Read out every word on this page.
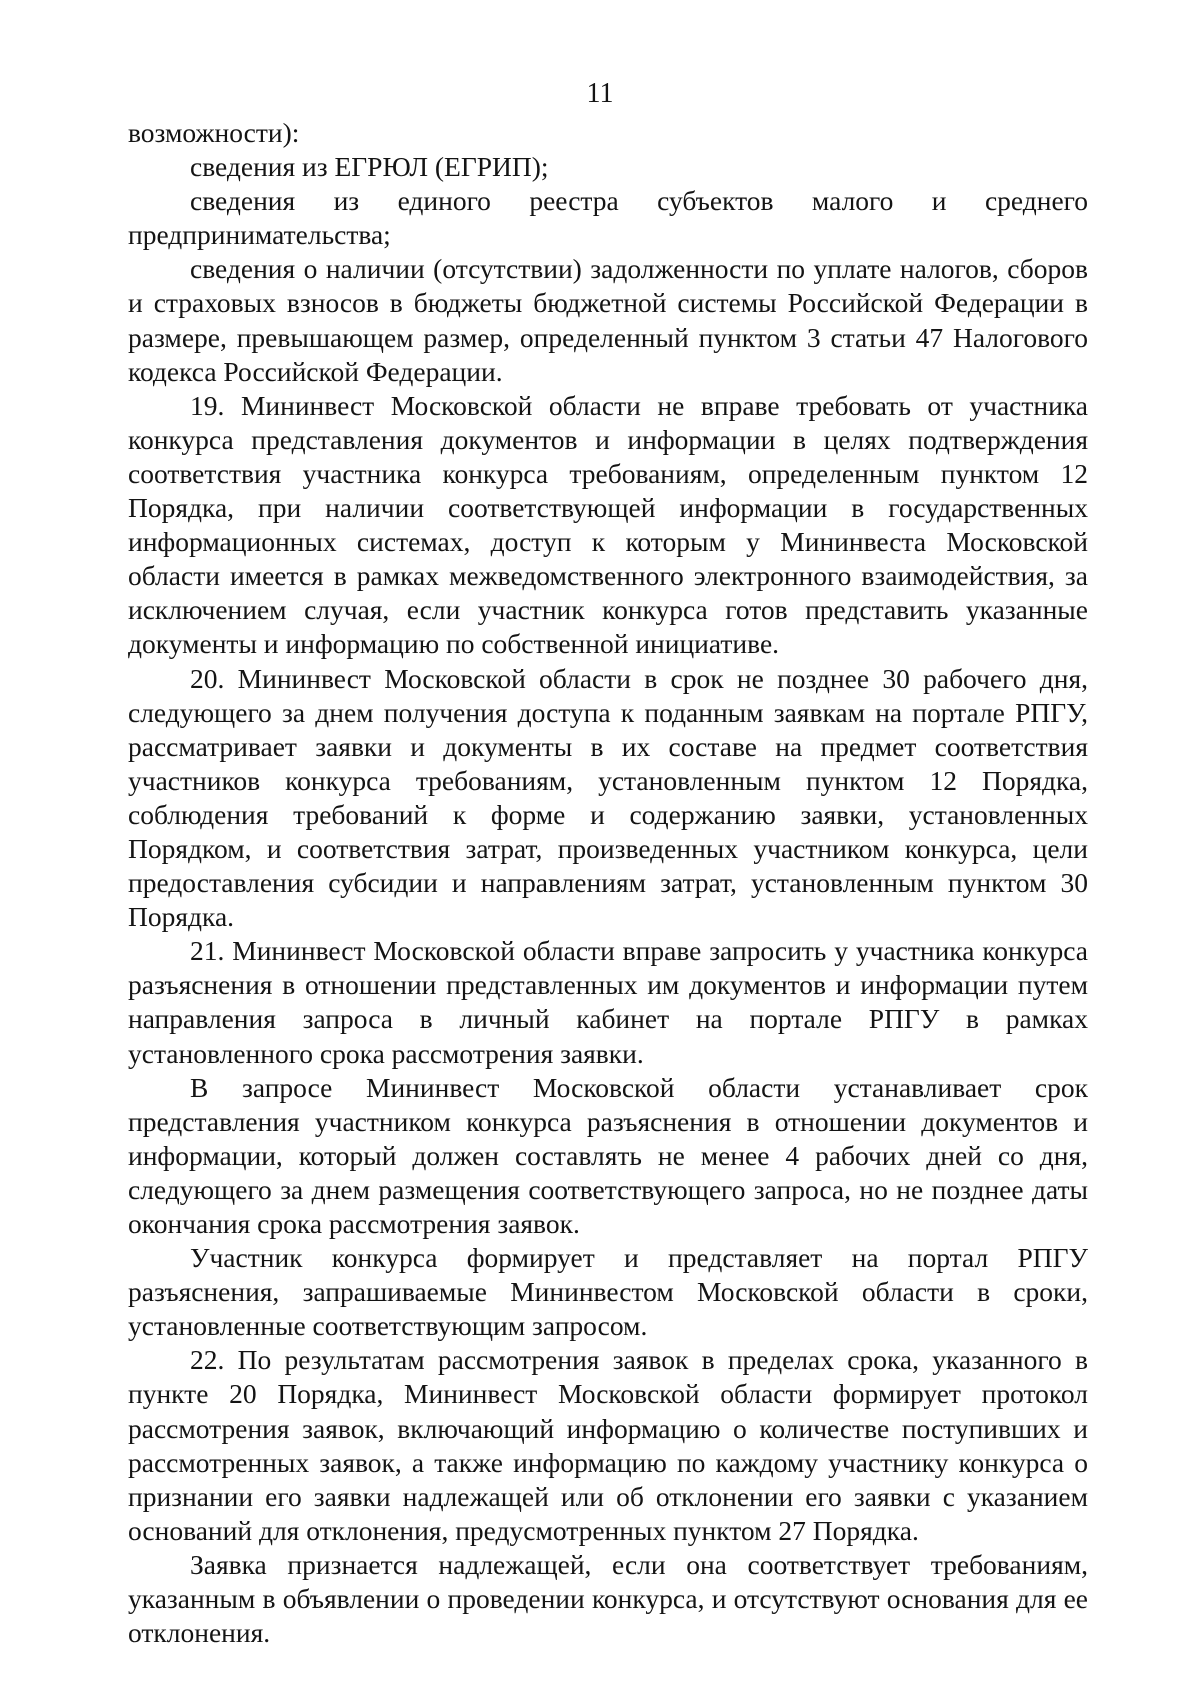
11

возможности):

сведения из ЕГРЮЛ (ЕГРИП);

сведения из единого реестра субъектов малого и среднего предпринимательства;

сведения о наличии (отсутствии) задолженности по уплате налогов, сборов и страховых взносов в бюджеты бюджетной системы Российской Федерации в размере, превышающем размер, определенный пунктом 3 статьи 47 Налогового кодекса Российской Федерации.

19. Мининвест Московской области не вправе требовать от участника конкурса представления документов и информации в целях подтверждения соответствия участника конкурса требованиям, определенным пунктом 12 Порядка, при наличии соответствующей информации в государственных информационных системах, доступ к которым у Мининвеста Московской области имеется в рамках межведомственного электронного взаимодействия, за исключением случая, если участник конкурса готов представить указанные документы и информацию по собственной инициативе.

20. Мининвест Московской области в срок не позднее 30 рабочего дня, следующего за днем получения доступа к поданным заявкам на портале РПГУ, рассматривает заявки и документы в их составе на предмет соответствия участников конкурса требованиям, установленным пунктом 12 Порядка, соблюдения требований к форме и содержанию заявки, установленных Порядком, и соответствия затрат, произведенных участником конкурса, цели предоставления субсидии и направлениям затрат, установленным пунктом 30 Порядка.

21. Мининвест Московской области вправе запросить у участника конкурса разъяснения в отношении представленных им документов и информации путем направления запроса в личный кабинет на портале РПГУ в рамках установленного срока рассмотрения заявки.

В запросе Мининвест Московской области устанавливает срок представления участником конкурса разъяснения в отношении документов и информации, который должен составлять не менее 4 рабочих дней со дня, следующего за днем размещения соответствующего запроса, но не позднее даты окончания срока рассмотрения заявок.

Участник конкурса формирует и представляет на портал РПГУ разъяснения, запрашиваемые Мининвестом Московской области в сроки, установленные соответствующим запросом.

22. По результатам рассмотрения заявок в пределах срока, указанного в пункте 20 Порядка, Мининвест Московской области формирует протокол рассмотрения заявок, включающий информацию о количестве поступивших и рассмотренных заявок, а также информацию по каждому участнику конкурса о признании его заявки надлежащей или об отклонении его заявки с указанием оснований для отклонения, предусмотренных пунктом 27 Порядка.

Заявка признается надлежащей, если она соответствует требованиям, указанным в объявлении о проведении конкурса, и отсутствуют основания для ее отклонения.
